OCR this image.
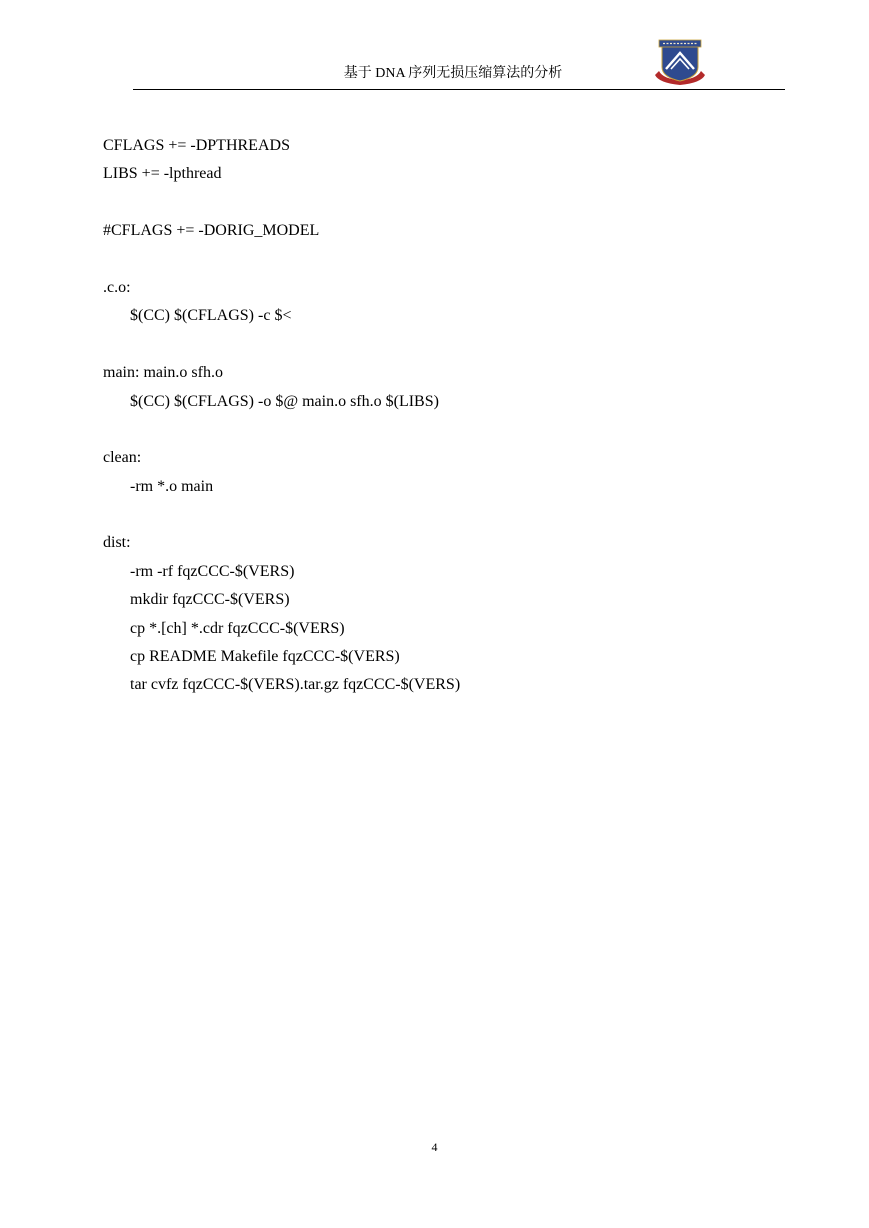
基于 DNA 序列无损压缩算法的分析
CFLAGS += -DPTHREADS
LIBS += -lpthread
#CFLAGS += -DORIG_MODEL
.c.o:
$(CC) $(CFLAGS) -c $<
main: main.o sfh.o
$(CC) $(CFLAGS) -o $@ main.o sfh.o $(LIBS)
clean:
-rm *.o main
dist:
-rm -rf fqzCCC-$(VERS)
mkdir fqzCCC-$(VERS)
cp *.[ch] *.cdr fqzCCC-$(VERS)
cp README Makefile fqzCCC-$(VERS)
tar cvfz fqzCCC-$(VERS).tar.gz fqzCCC-$(VERS)
4
